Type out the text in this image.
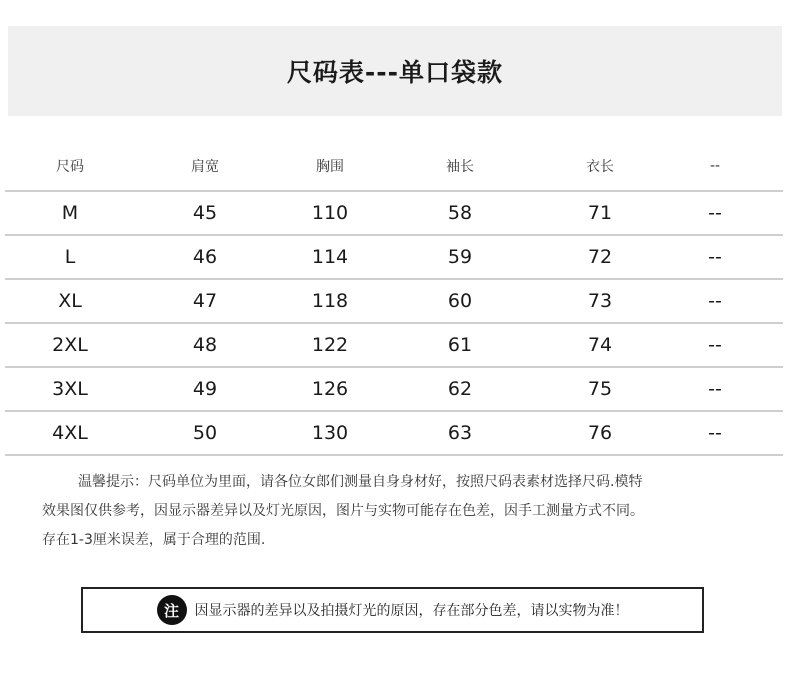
尺码表---单口袋款
尺码	肩宽	胸围	袖长	衣长	--
M	45	110	58	71	--
L	46	114	59	72	--
XL	47	118	60	73	--
2XL	48	122	61	74	--
3XL	49	126	62	75	--
4XL	50	130	63	76	--

温馨提示：尺码单位为里面，请各位女郎们测量自身身材好，按照尺码表素材选择尺码.模特

效果图仅供参考，因显示器差异以及灯光原因，图片与实物可能存在色差，因手工测量方式不同。

存在1-3厘米误差，属于合理的范围.

注	因显示器的差异以及拍摄灯光的原因，存在部分色差，请以实物为准！
